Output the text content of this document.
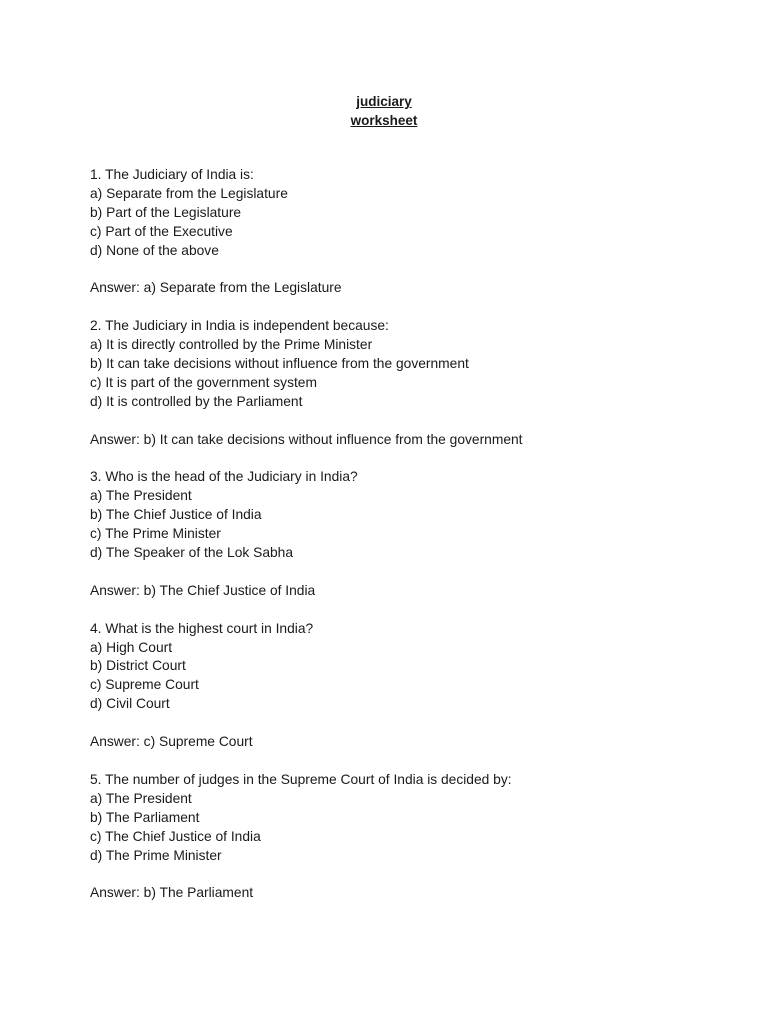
judiciary
worksheet
1. The Judiciary of India is:
a) Separate from the Legislature
b) Part of the Legislature
c) Part of the Executive
d) None of the above
Answer: a) Separate from the Legislature
2. The Judiciary in India is independent because:
a) It is directly controlled by the Prime Minister
b) It can take decisions without influence from the government
c) It is part of the government system
d) It is controlled by the Parliament
Answer: b) It can take decisions without influence from the government
3. Who is the head of the Judiciary in India?
a) The President
b) The Chief Justice of India
c) The Prime Minister
d) The Speaker of the Lok Sabha
Answer: b) The Chief Justice of India
4. What is the highest court in India?
a) High Court
b) District Court
c) Supreme Court
d) Civil Court
Answer: c) Supreme Court
5. The number of judges in the Supreme Court of India is decided by:
a) The President
b) The Parliament
c) The Chief Justice of India
d) The Prime Minister
Answer: b) The Parliament
